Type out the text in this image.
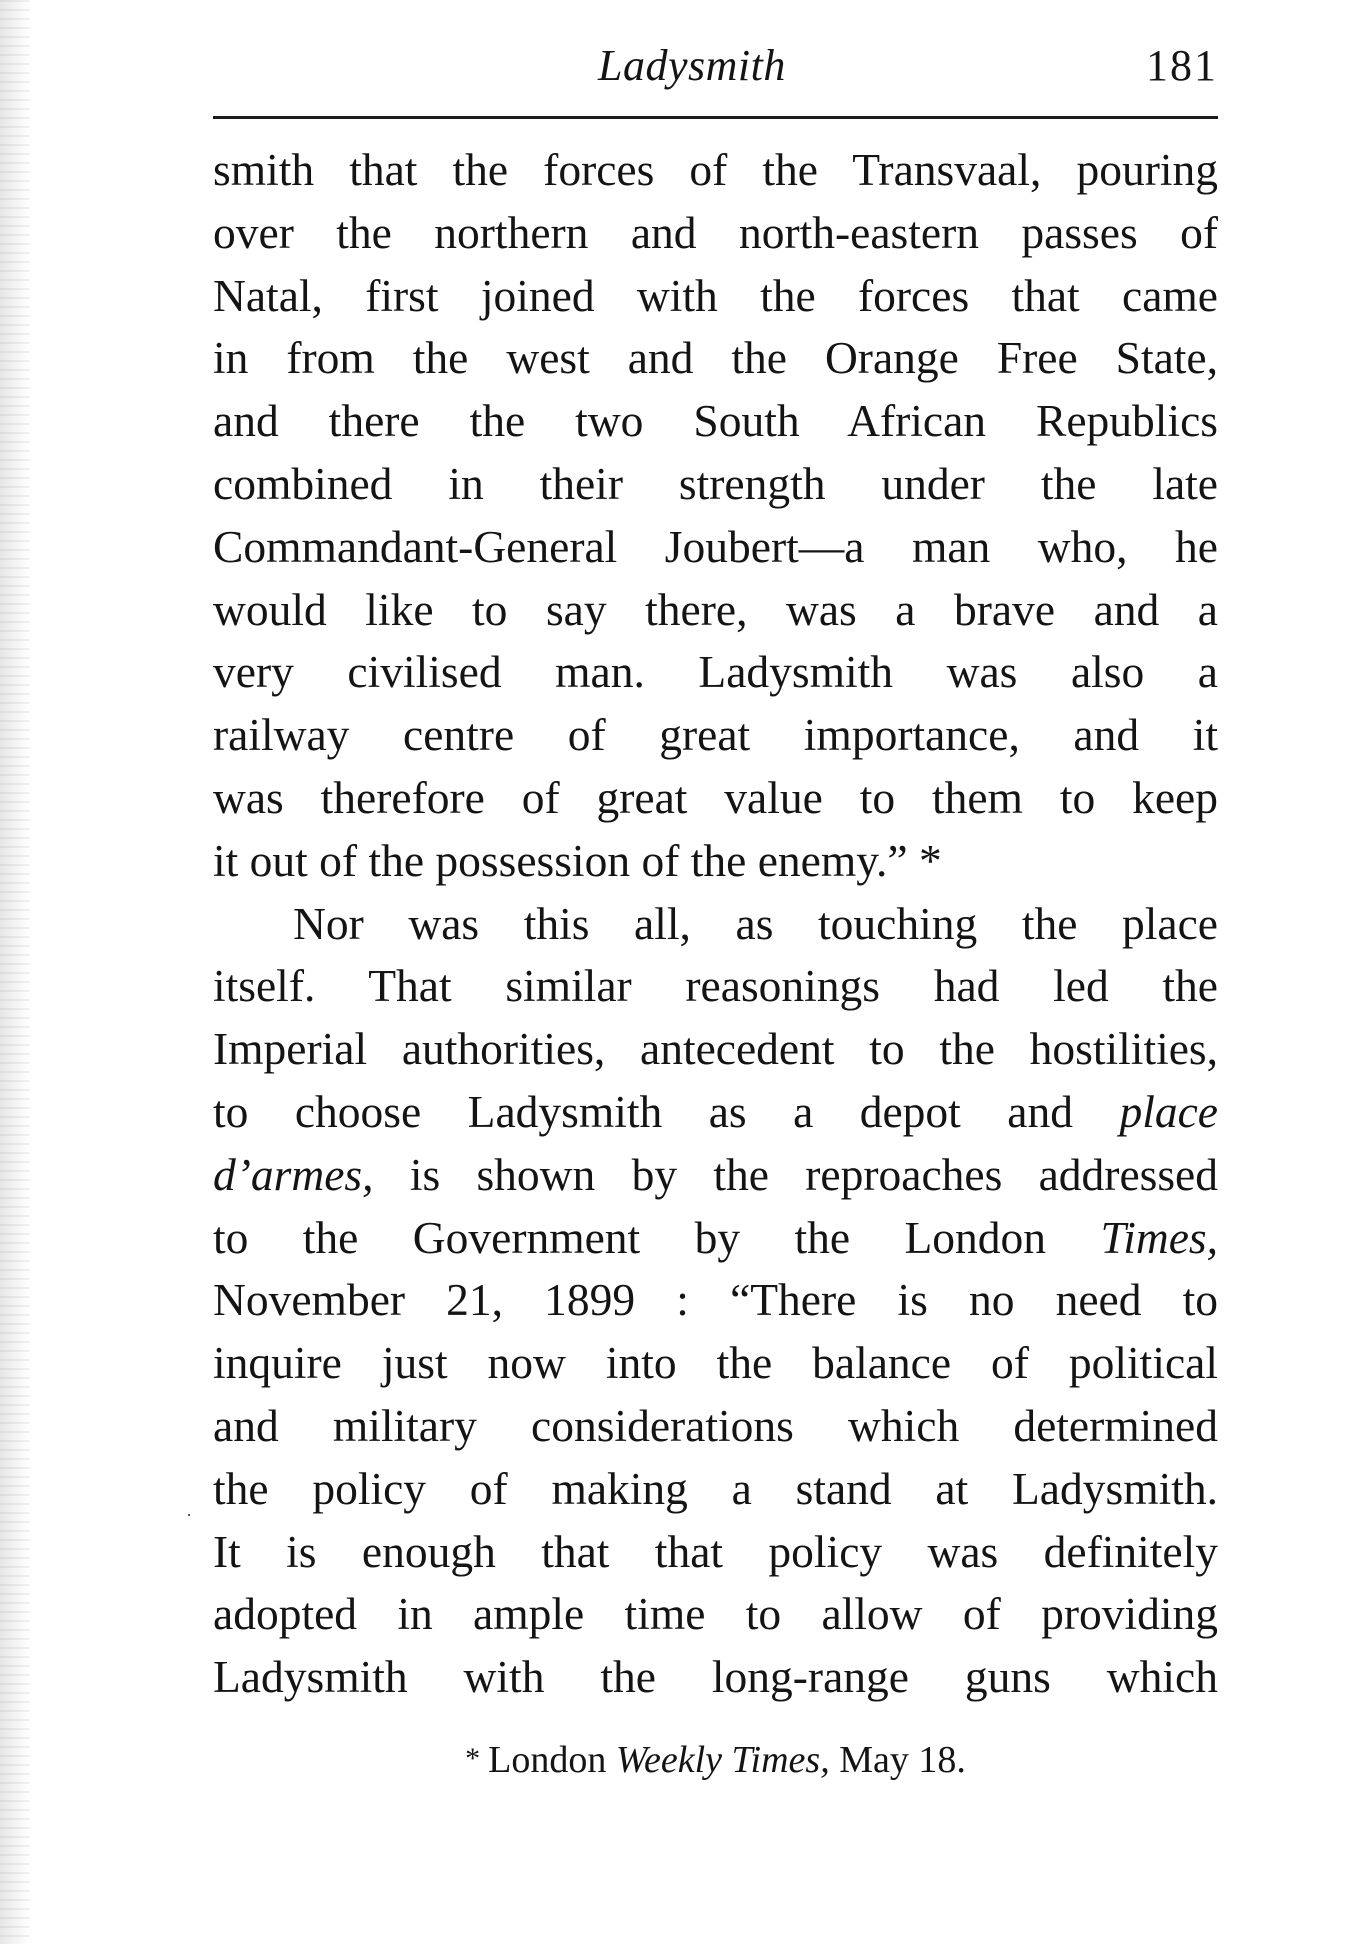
Ladysmith	181
smith that the forces of the Transvaal, pouring
over the northern and north-eastern passes of
Natal, first joined with the forces that came
in from the west and the Orange Free State,
and there the two South African Republics
combined in their strength under the late
Commandant-General Joubert—a man who, he
would like to say there, was a brave and a
very civilised man. Ladysmith was also a
railway centre of great importance, and it
was therefore of great value to them to keep
it out of the possession of the enemy.” *
Nor was this all, as touching the place
itself. That similar reasonings had led the
Imperial authorities, antecedent to the hostilities,
to choose Ladysmith as a depot and place
d’armes, is shown by the reproaches addressed
to the Government by the London Times,
November 21, 1899 : “There is no need to
inquire just now into the balance of political
and military considerations which determined
the policy of making a stand at Ladysmith.
It is enough that that policy was definitely
adopted in ample time to allow of providing
Ladysmith with the long-range guns which
* London Weekly Times, May 18.
